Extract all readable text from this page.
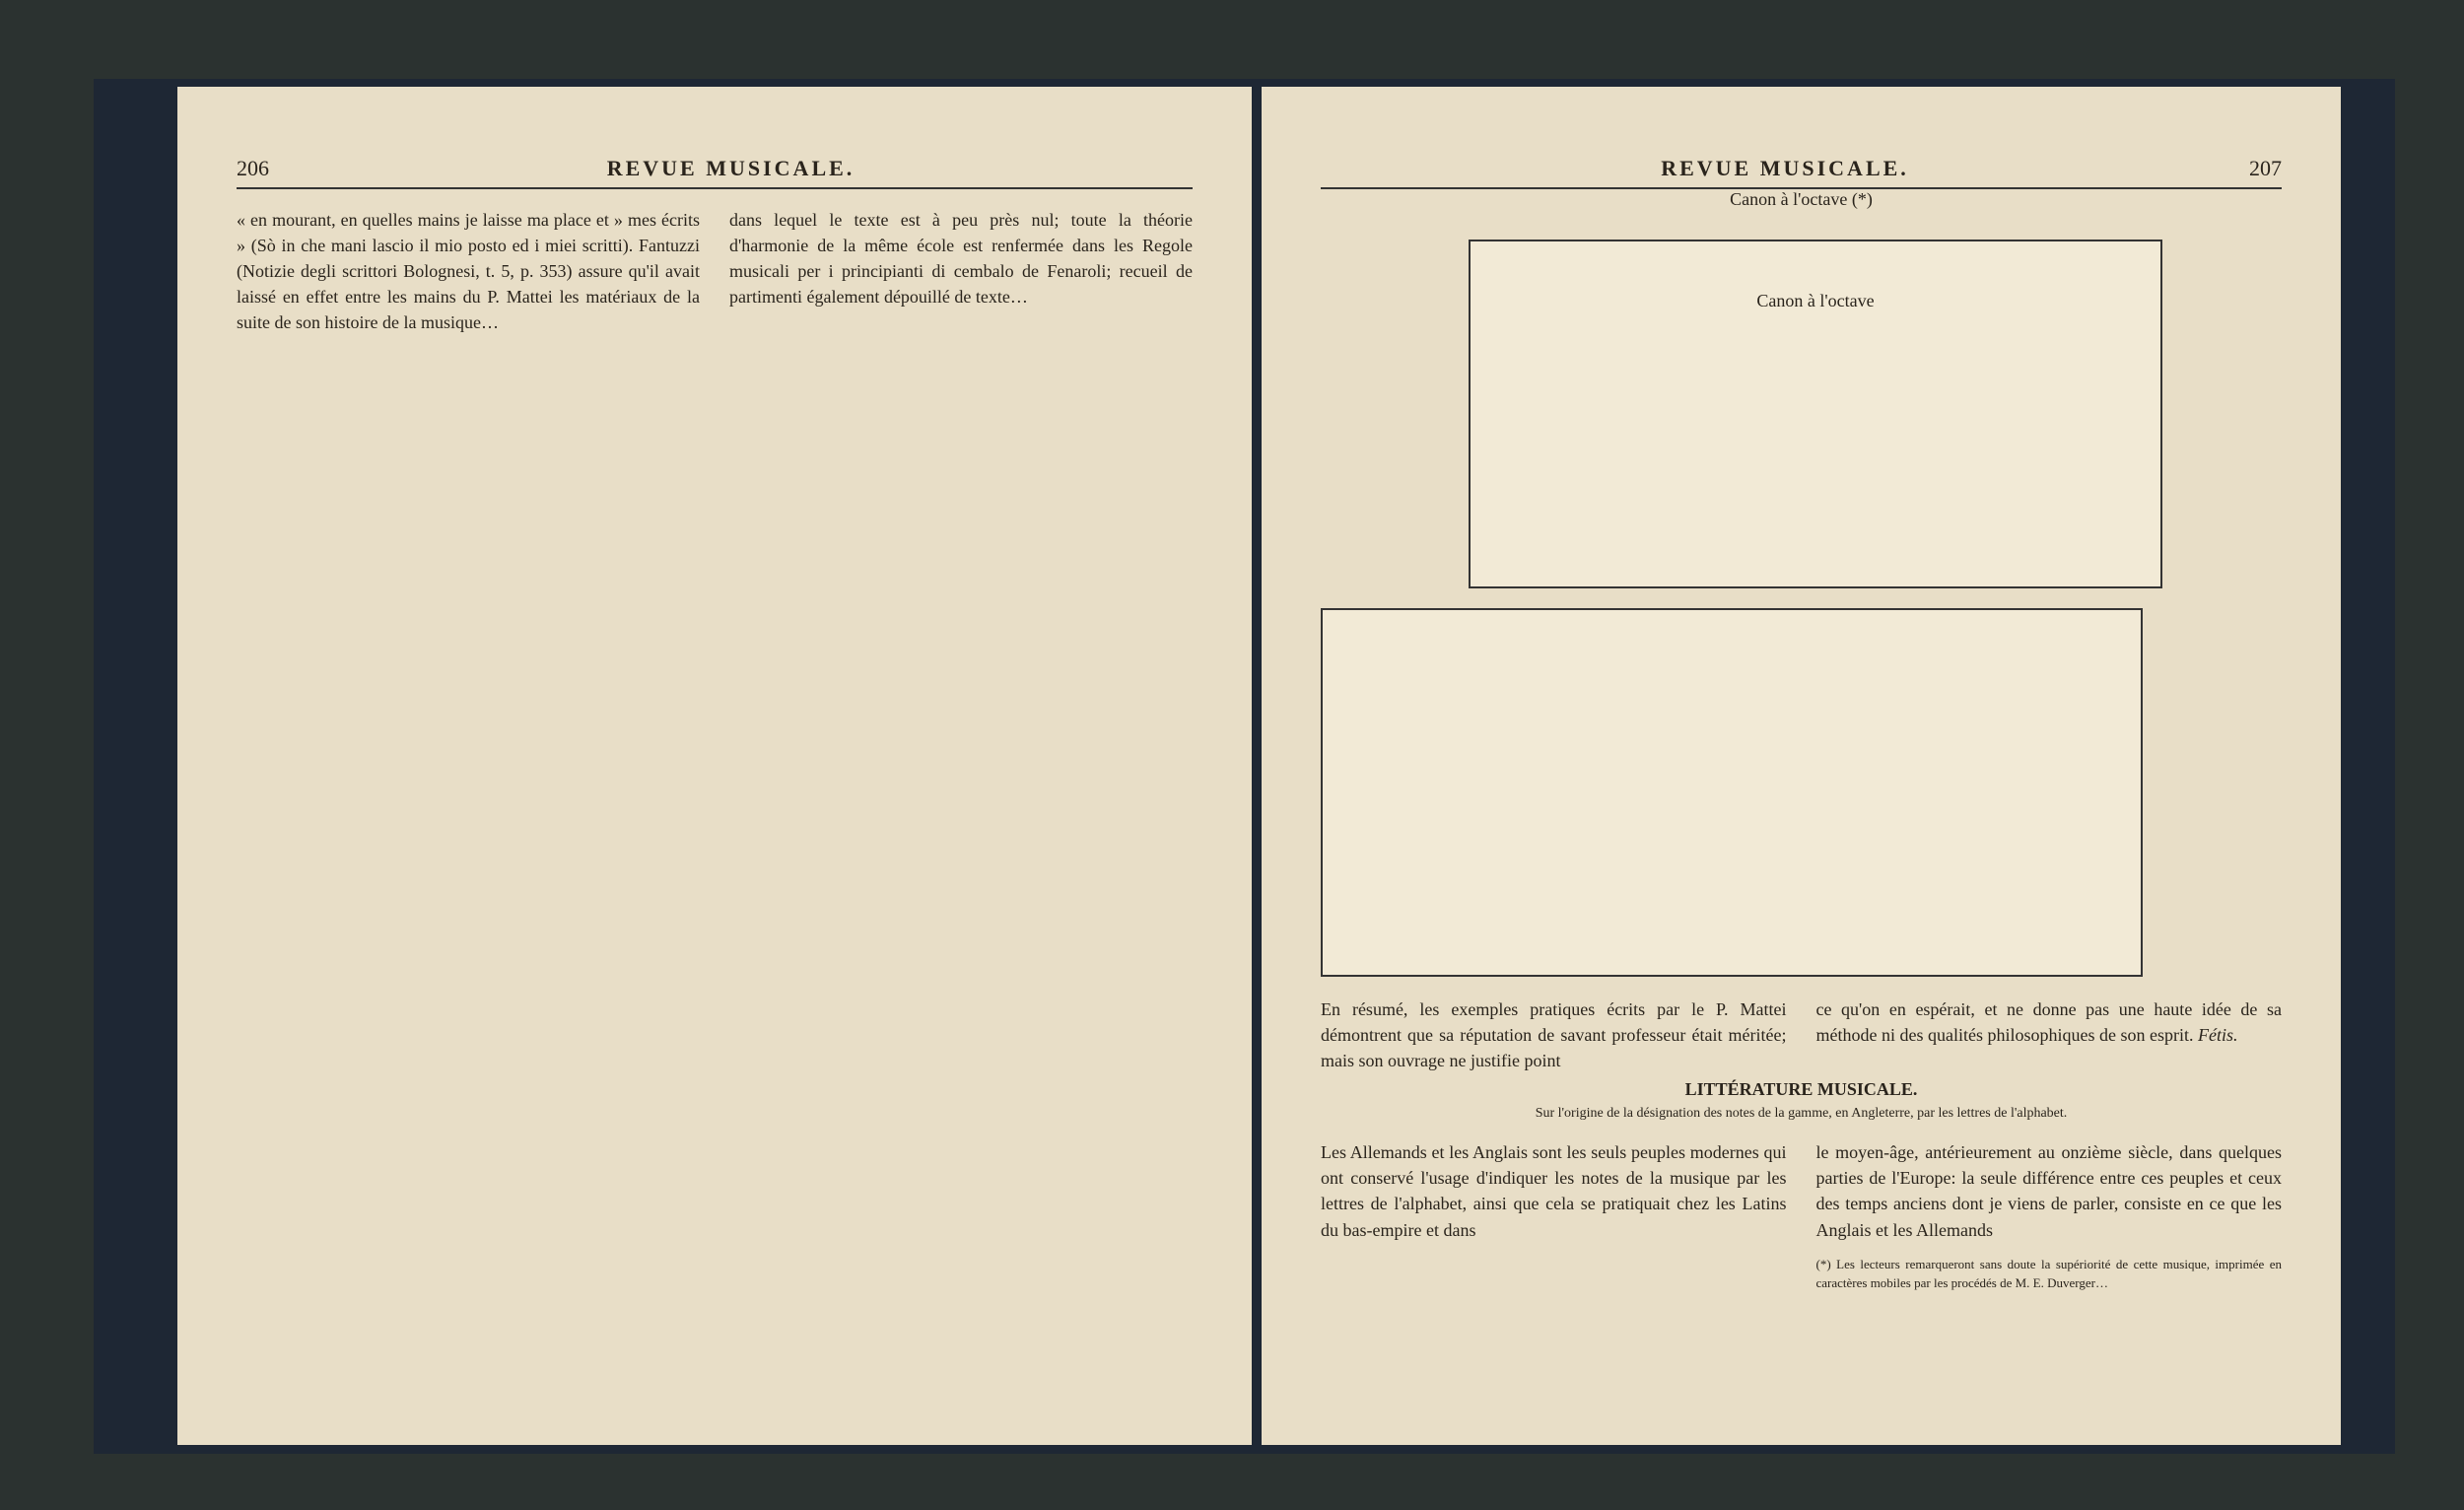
206	REVUE MUSICALE.
« en mourant, en quelles mains je laisse ma place et » mes écrits » (Sò in che mani lascio il mio posto ed i miei scritti). Fantuzzi (Notizie degli scrittori Bolognesi, t. 5, p. 353) assure qu'il avait laissé en effet entre les mains du P. Mattei les matériaux de la suite de son histoire de la musique…
dans lequel le texte est à peu près nul; toute la théorie d'harmonie de la même école est renfermée dans les Regole musicali per i principianti di cembalo de Fenaroli; recueil de partimenti également dépouillé de texte…
REVUE MUSICALE.	207
Canon à l'octave (*)
Canon à l'octave
En résumé, les exemples pratiques écrits par le P. Mattei démontrent que sa réputation de savant professeur était méritée; mais son ouvrage ne justifie point
ce qu'on en espérait, et ne donne pas une haute idée de sa méthode ni des qualités philosophiques de son esprit. Fétis.
LITTÉRATURE MUSICALE.
Sur l'origine de la désignation des notes de la gamme, en Angleterre, par les lettres de l'alphabet.
Les Allemands et les Anglais sont les seuls peuples modernes qui ont conservé l'usage d'indiquer les notes de la musique par les lettres de l'alphabet, ainsi que cela se pratiquait chez les Latins du bas-empire et dans
le moyen-âge, antérieurement au onzième siècle, dans quelques parties de l'Europe: la seule différence entre ces peuples et ceux des temps anciens dont je viens de parler, consiste en ce que les Anglais et les Allemands

(*) Les lecteurs remarqueront sans doute la supériorité de cette musique, imprimée en caractères mobiles par les procédés de M. E. Duverger…
